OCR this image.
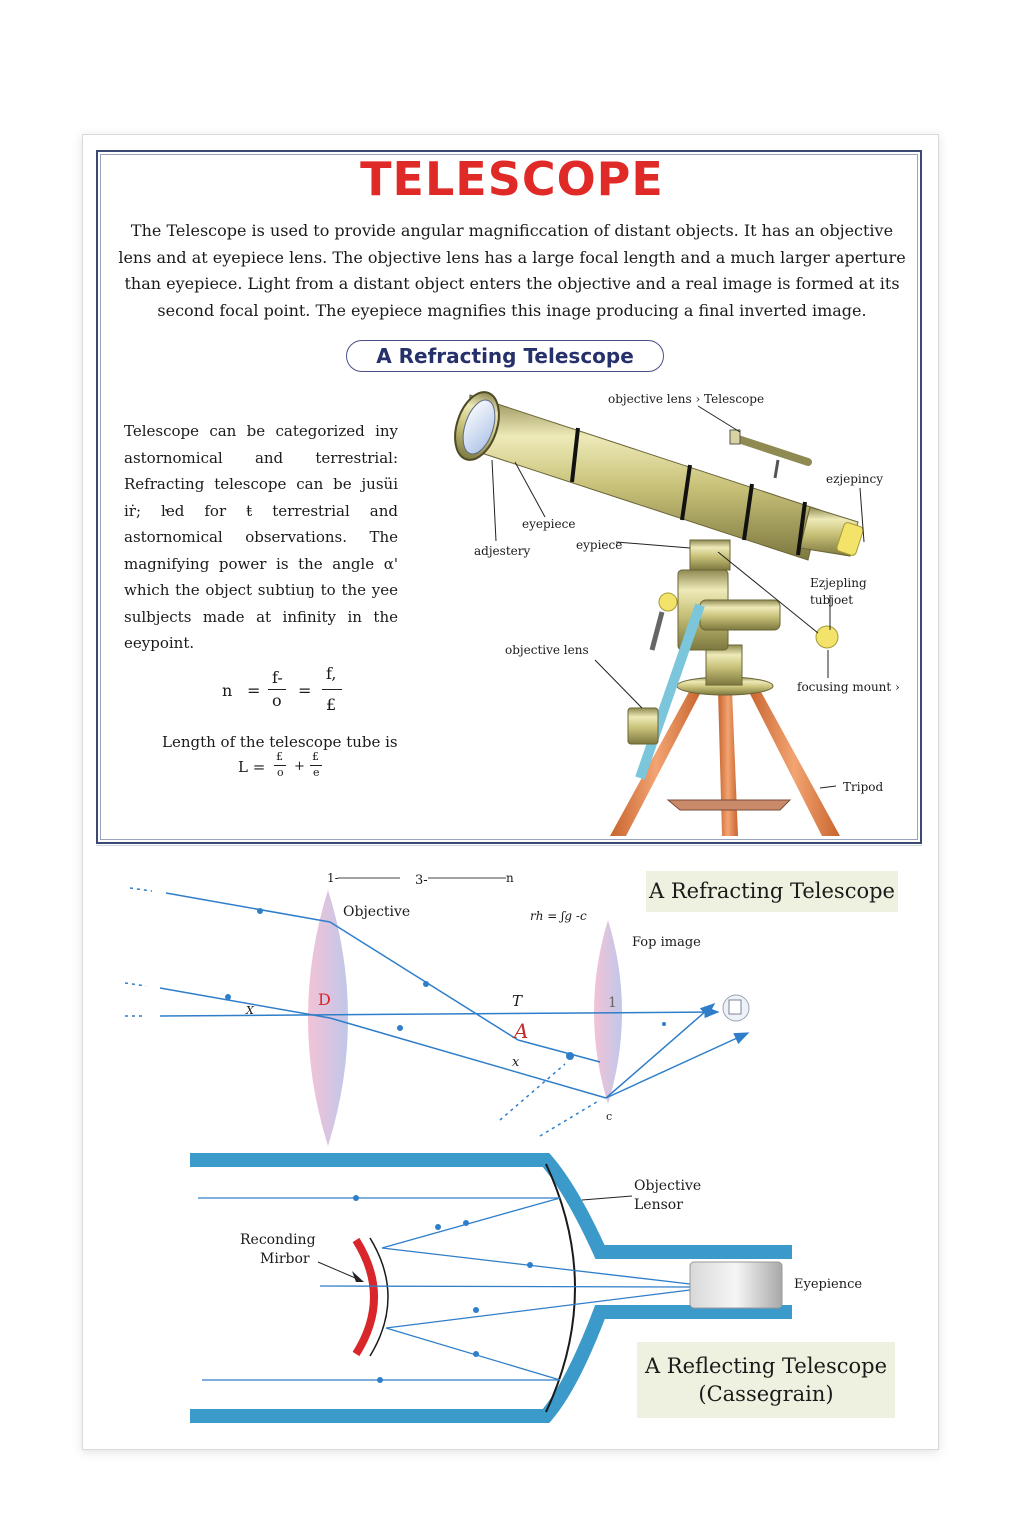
TELESCOPE

The Telescope is used to provide angular magnificcation of distant objects. It has an objective lens and at eyepiece lens. The objective lens has a large focal length and a much larger aperture than eyepiece. Light from a distant object enters the objective and a real image is formed at its second focal point. The eyepiece magnifies this inage producing a final inverted image.

A Refracting Telescope

Telescope can be categorized iny astornomical and terrestrial: Refracting telescope can be jusüi iṙ; ŀed for ŧ terrestrial and astornomical observations. The magnifying power is the angle α' which the object subtiuŋ to the yee sulbjects made at infinity in the eeypoint.

n =
f-
o
=
f,
£
Length of the telescope tube is
L =
£
o +
£
e
objective lens › Telescope
ezjepincy
eyepiece
adjestery	eypiece
Ezjepling
tubjoet
objective lens
focusing mount ›
Tripod
1-	3-	n
Objective	rh = ʃg -c
Fop image
D	T	1
A
X
x
c
Objective
Lensor
Reconding
Mirbor
Eyepience
A Refracting Telescope
A Reflecting Telescope
(Cassegrain)
